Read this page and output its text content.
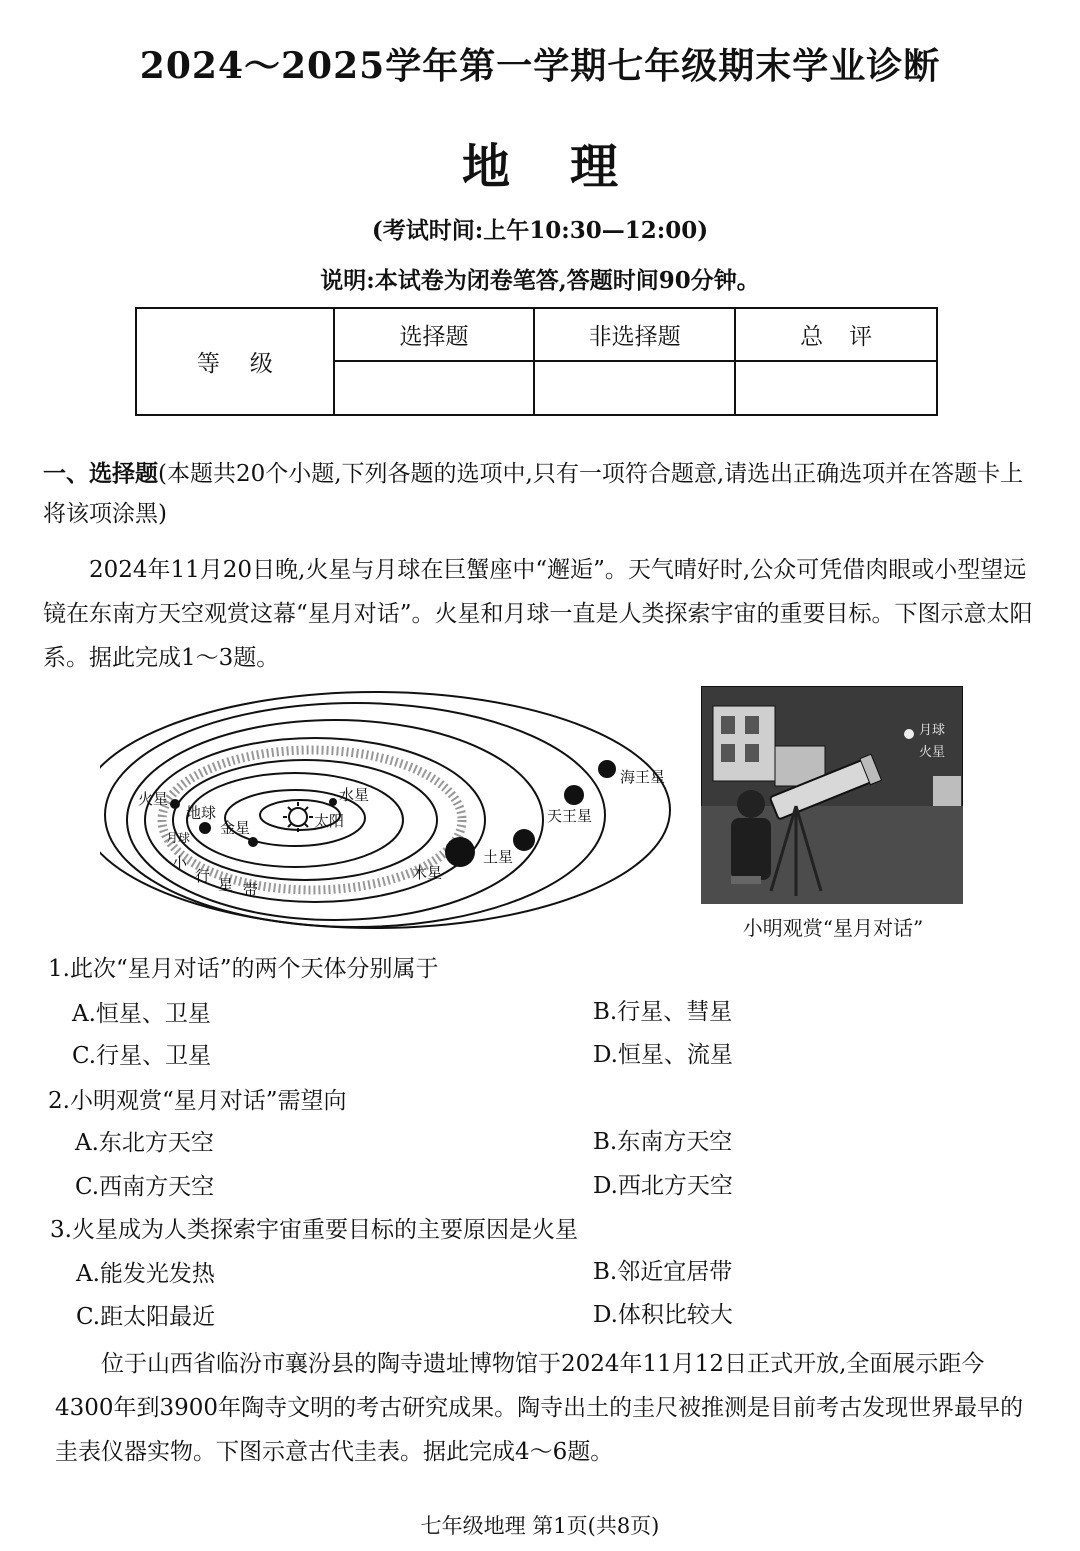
2024～2025学年第一学期七年级期末学业诊断
地理
(考试时间:上午10:30—12:00)
说明:本试卷为闭卷笔答,答题时间90分钟。
等级	选择题	非选择题	总评

一、选择题(本题共20个小题,下列各题的选项中,只有一项符合题意,请选出正确选项并在答题卡上将该项涂黑)
2024年11月20日晚,火星与月球在巨蟹座中“邂逅”。天气晴好时,公众可凭借肉眼或小型望远镜在东南方天空观赏这幕“星月对话”。火星和月球一直是人类探索宇宙的重要目标。下图示意太阳系。据此完成1～3题。
火星
地球
月球
金星	太阳
水星
木星
土星
天王星
海王星
小
行 星 带
月球
火星
小明观赏“星月对话”
1.此次“星月对话”的两个天体分别属于
A.恒星、卫星	B.行星、彗星
C.行星、卫星	D.恒星、流星
2.小明观赏“星月对话”需望向
A.东北方天空	B.东南方天空
C.西南方天空	D.西北方天空
3.火星成为人类探索宇宙重要目标的主要原因是火星
A.能发光发热	B.邻近宜居带
C.距太阳最近	D.体积比较大
位于山西省临汾市襄汾县的陶寺遗址博物馆于2024年11月12日正式开放,全面展示距今4300年到3900年陶寺文明的考古研究成果。陶寺出土的圭尺被推测是目前考古发现世界最早的圭表仪器实物。下图示意古代圭表。据此完成4～6题。
七年级地理 第1页(共8页)
